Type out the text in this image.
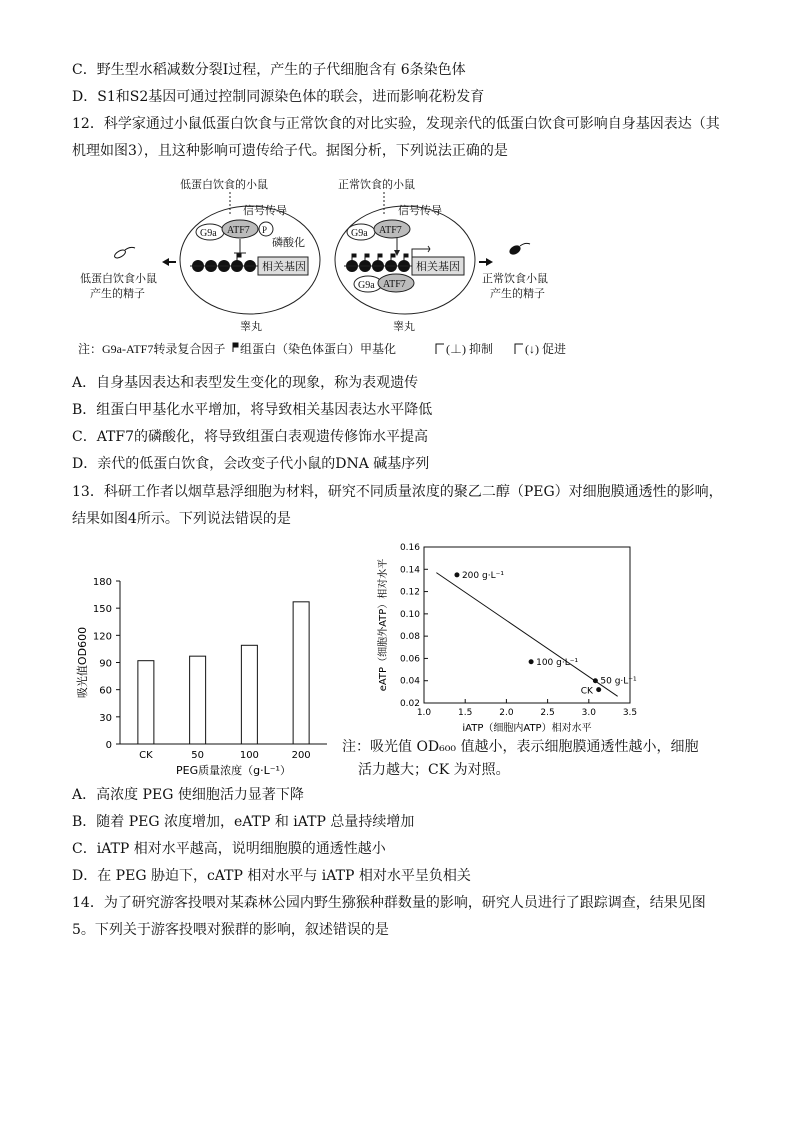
C．野生型水稻减数分裂Ⅰ过程，产生的子代细胞含有 6条染色体
D．S1和S2基因可通过控制同源染色体的联会，进而影响花粉发育
12．科学家通过小鼠低蛋白饮食与正常饮食的对比实验，发现亲代的低蛋白饮食可影响自身基因表达（其
机理如图3），且这种影响可遗传给子代。据图分析，下列说法正确的是
低蛋白饮食的小鼠
信号传导
G9a ATF7 P
磷酸化
相关基因
睾丸
低蛋白饮食小鼠
产生的精子
正常饮食的小鼠
信号传导
G9a ATF7
相关基因
G9a ATF7
睾丸
正常饮食小鼠
产生的精子
注：G9a-ATF7转录复合因子 组蛋白（染色体蛋白）甲基化	(⊥) 抑制	(↓) 促进
A．自身基因表达和表型发生变化的现象，称为表观遗传
B．组蛋白甲基化水平增加，将导致相关基因表达水平降低
C．ATF7的磷酸化，将导致组蛋白表观遗传修饰水平提高
D．亲代的低蛋白饮食，会改变子代小鼠的DNA 碱基序列
13．科研工作者以烟草悬浮细胞为材料，研究不同质量浓度的聚乙二醇（PEG）对细胞膜通透性的影响，
结果如图4所示。下列说法错误的是
0
30
60
90
120
150
180
CK	50	100	200
吸光值OD600
PEG质量浓度（g·L⁻¹）
0.02
0.04
0.06
0.08
0.10
0.12
0.14
0.16
1.0	1.5	2.0	2.5	3.0	3.5
200 g·L⁻¹
100 g·L⁻¹
50 g·L⁻¹
CK
eATP（细胞外ATP）相对水平
iATP（细胞内ATP）相对水平
注：吸光值 OD₆₀₀ 值越小，表示细胞膜通透性越小，细胞
活力越大；CK 为对照。
A．高浓度 PEG 使细胞活力显著下降
B．随着 PEG 浓度增加，eATP 和 iATP 总量持续增加
C．iATP 相对水平越高，说明细胞膜的通透性越小
D．在 PEG 胁迫下，cATP 相对水平与 iATP 相对水平呈负相关
14．为了研究游客投喂对某森林公园内野生猕猴种群数量的影响，研究人员进行了跟踪调查，结果见图
5。下列关于游客投喂对猴群的影响，叙述错误的是
